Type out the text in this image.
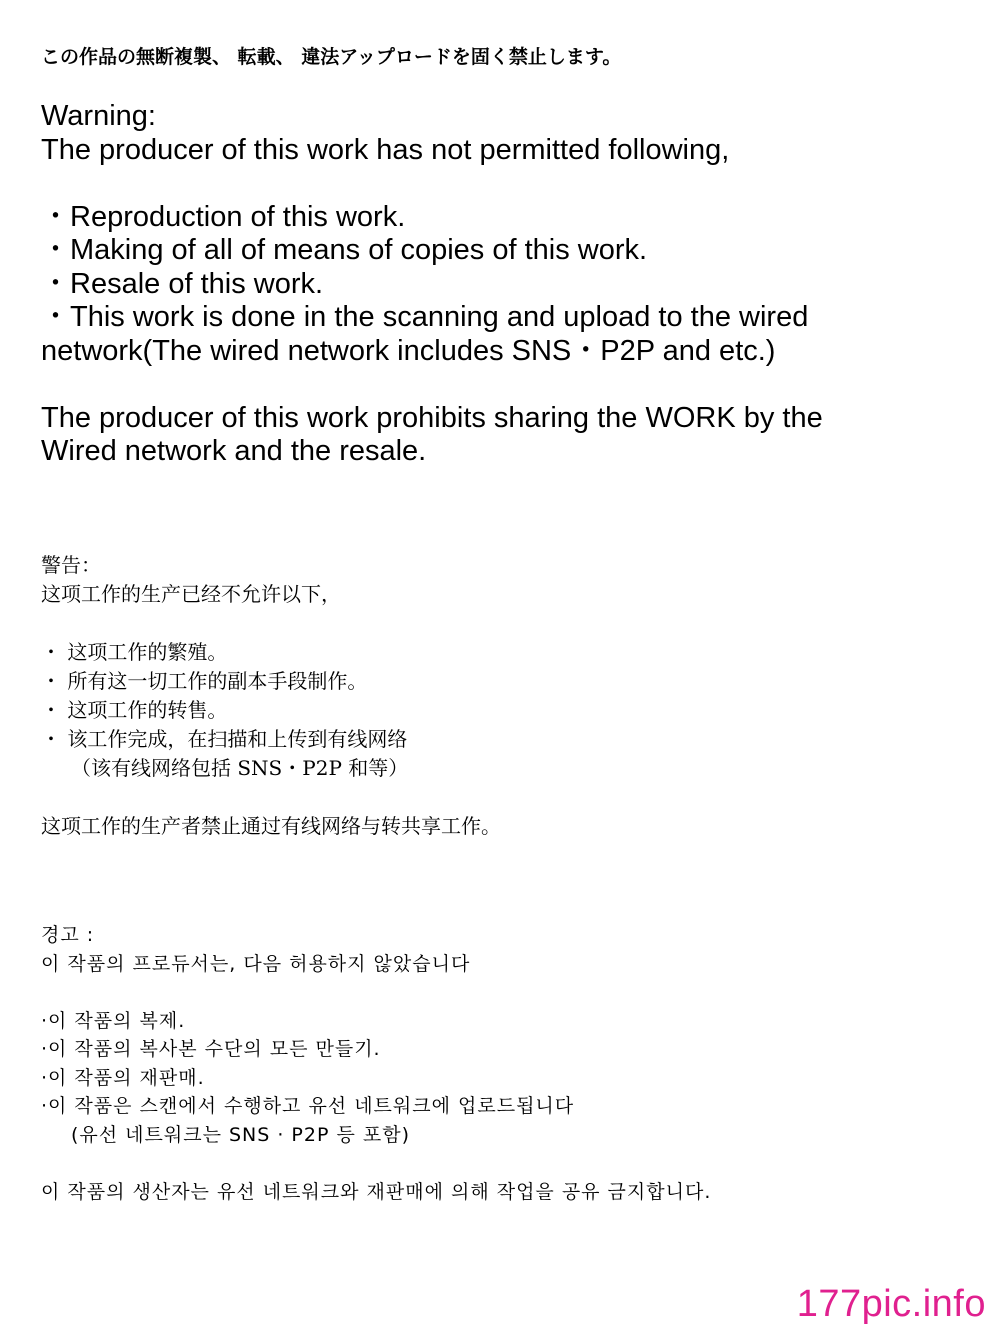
この作品の無断複製、 転載、 違法アップロードを固く禁止します。
Warning:
The producer of this work has not permitted following,
・Reproduction of this work.
・Making of all of means of copies of this work.
・Resale of this work.
・This work is done in the scanning and upload to the wired
network(The wired network includes SNS・P2P and etc.)
The producer of this work prohibits sharing the WORK by the
Wired network and the resale.
警告：
这项工作的生产已经不允许以下，
・ 这项工作的繁殖。
・ 所有这一切工作的副本手段制作。
・ 这项工作的转售。
・ 该工作完成，在扫描和上传到有线网络
（该有线网络包括 SNS・P2P 和等）
这项工作的生产者禁止通过有线网络与转共享工作。
경고 :
이 작품의 프로듀서는, 다음 허용하지 않았습니다
·이 작품의 복제.
·이 작품의 복사본 수단의 모든 만들기.
·이 작품의 재판매.
·이 작품은 스캔에서 수행하고 유선 네트워크에 업로드됩니다
(유선 네트워크는 SNS · P2P 등 포함)
이 작품의 생산자는 유선 네트워크와 재판매에 의해 작업을 공유 금지합니다.
177pic.info
